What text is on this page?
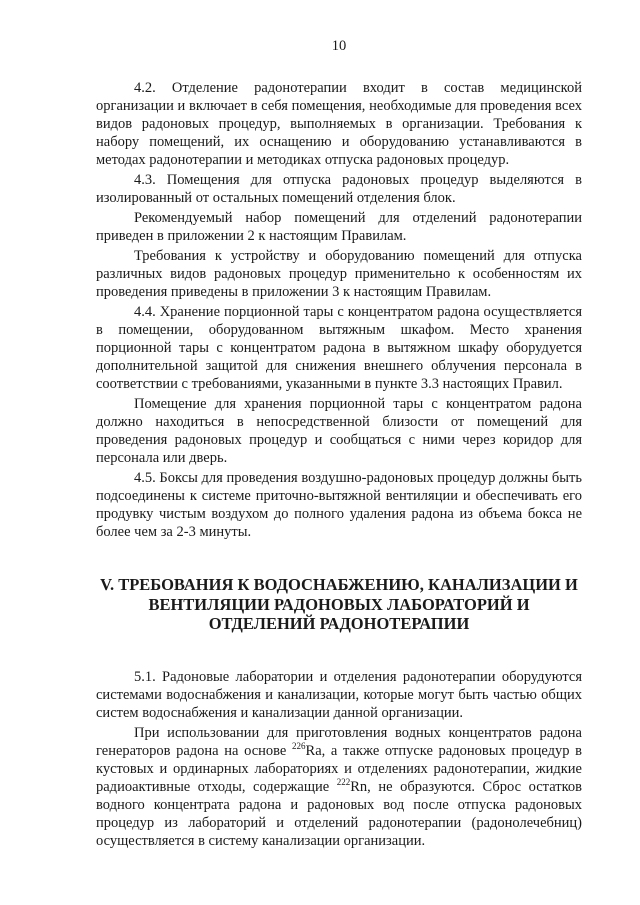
10

4.2. Отделение радонотерапии входит в состав медицинской организации и включает в себя помещения, необходимые для проведения всех видов радоновых процедур, выполняемых в организации. Требования к набору помещений, их оснащению и оборудованию устанавливаются в методах радонотерапии и методиках отпуска радоновых процедур.

4.3. Помещения для отпуска радоновых процедур выделяются в изолированный от остальных помещений отделения блок.

Рекомендуемый набор помещений для отделений радонотерапии приведен в приложении 2 к настоящим Правилам.

Требования к устройству и оборудованию помещений для отпуска различных видов радоновых процедур применительно к особенностям их проведения приведены в приложении 3 к настоящим Правилам.

4.4. Хранение порционной тары с концентратом радона осуществляется в помещении, оборудованном вытяжным шкафом. Место хранения порционной тары с концентратом радона в вытяжном шкафу оборудуется дополнительной защитой для снижения внешнего облучения персонала в соответствии с требованиями, указанными в пункте 3.3 настоящих Правил.

Помещение для хранения порционной тары с концентратом радона должно находиться в непосредственной близости от помещений для проведения радоновых процедур и сообщаться с ними через коридор для персонала или дверь.

4.5. Боксы для проведения воздушно-радоновых процедур должны быть подсоединены к системе приточно-вытяжной вентиляции и обеспечивать его продувку чистым воздухом до полного удаления радона из объема бокса не более чем за 2-3 минуты.

V. ТРЕБОВАНИЯ К ВОДОСНАБЖЕНИЮ, КАНАЛИЗАЦИИ И ВЕНТИЛЯЦИИ РАДОНОВЫХ ЛАБОРАТОРИЙ И ОТДЕЛЕНИЙ РАДОНОТЕРАПИИ

5.1. Радоновые лаборатории и отделения радонотерапии оборудуются системами водоснабжения и канализации, которые могут быть частью общих систем водоснабжения и канализации данной организации.

При использовании для приготовления водных концентратов радона генераторов радона на основе $^{226}$Ra, а также отпуске радоновых процедур в кустовых и ординарных лабораториях и отделениях радонотерапии, жидкие радиоактивные отходы, содержащие $^{222}$Rn, не образуются. Сброс остатков водного концентрата радона и радоновых вод после отпуска радоновых процедур из лабораторий и отделений радонотерапии (радонолечебниц) осуществляется в систему канализации организации.
